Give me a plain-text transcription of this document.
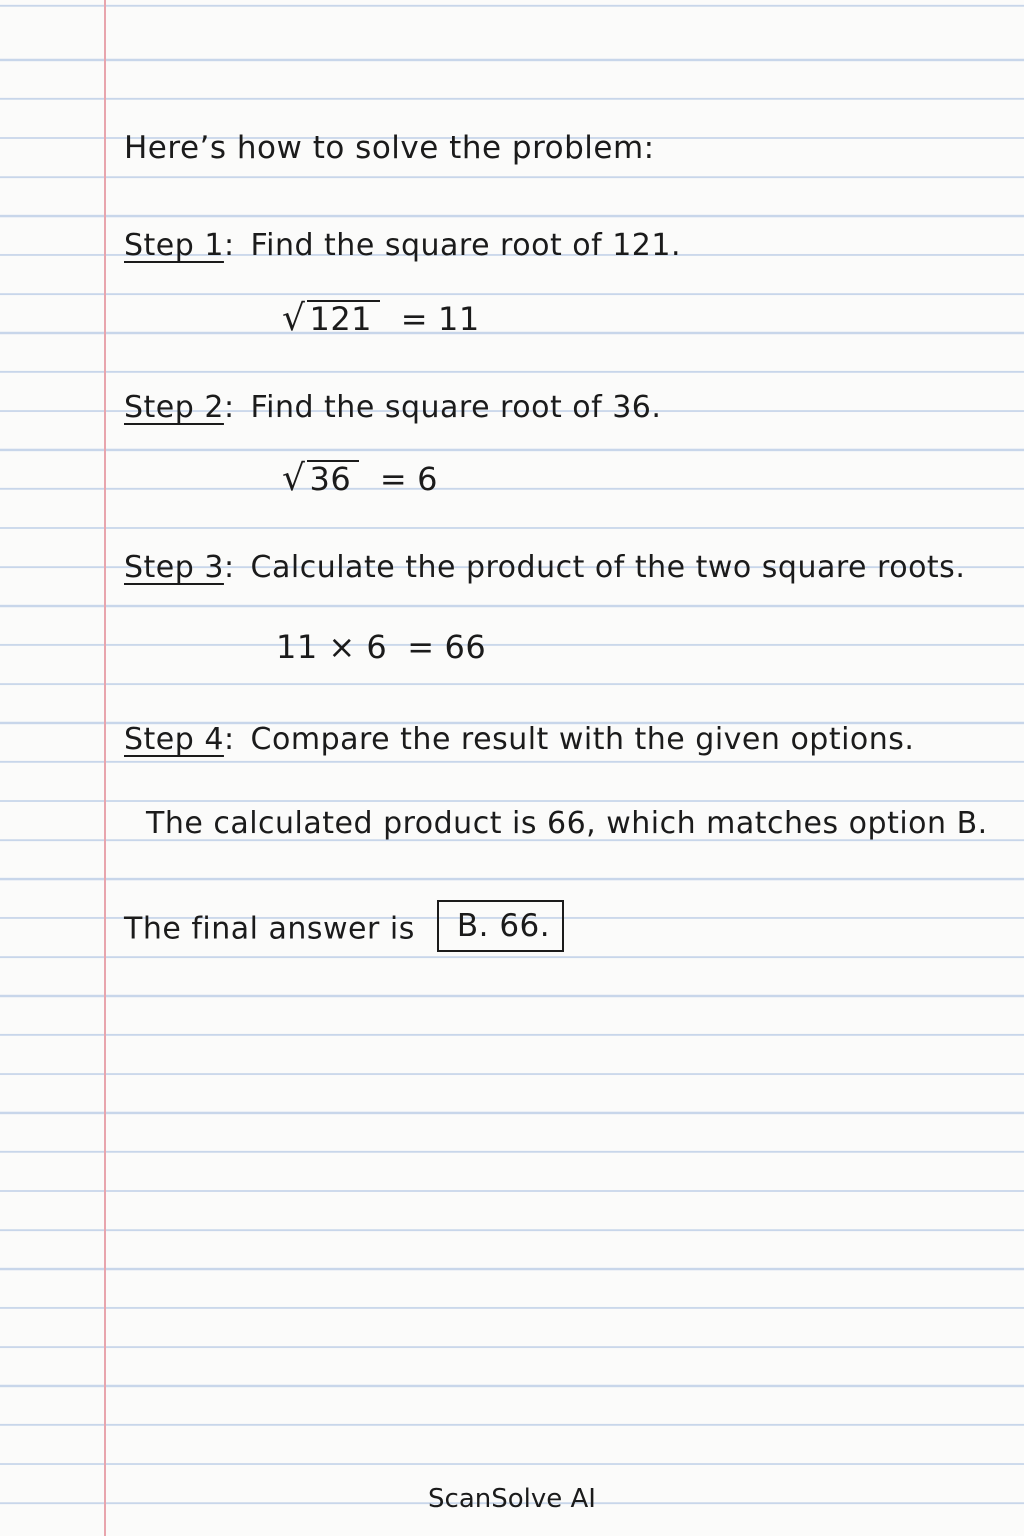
Here’s how to solve the problem:
Step 1: Find the square root of 121.
√ 121 = 11
Step 2: Find the square root of 36.
√ 36 = 6
Step 3: Calculate the product of the two square roots.
11 × 6 = 66
Step 4: Compare the result with the given options.
The calculated product is 66, which matches option B.
The final answer is B. 66.
ScanSolve AI
